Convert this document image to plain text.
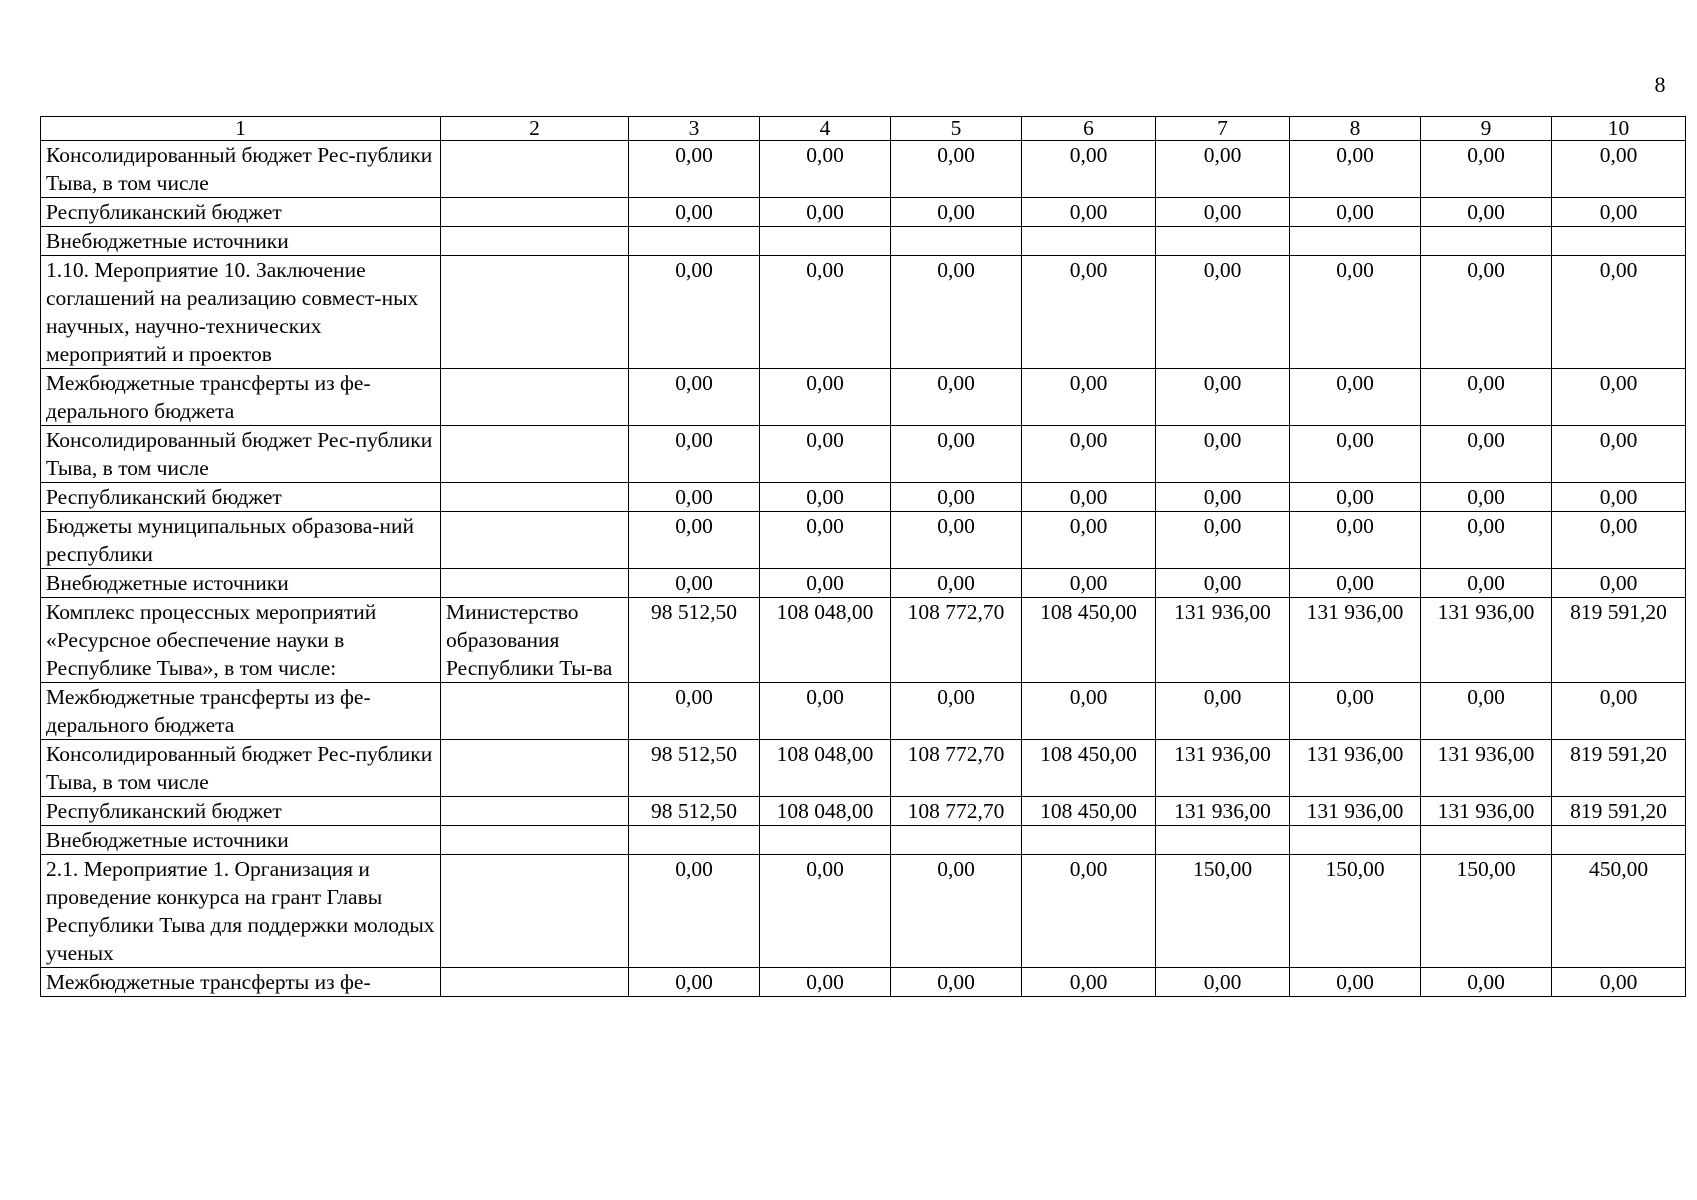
8
1	2	3	4	5	6	7	8	9	10
Консолидированный бюджет Рес-публики Тыва, в том числе		0,00	0,00	0,00	0,00	0,00	0,00	0,00	0,00
Республиканский бюджет		0,00	0,00	0,00	0,00	0,00	0,00	0,00	0,00
Внебюджетные источники									
1.10. Мероприятие 10. Заключение соглашений на реализацию совмест-ных научных, научно-технических мероприятий и проектов		0,00	0,00	0,00	0,00	0,00	0,00	0,00	0,00
Межбюджетные трансферты из фе-дерального бюджета		0,00	0,00	0,00	0,00	0,00	0,00	0,00	0,00
Консолидированный бюджет Рес-публики Тыва, в том числе		0,00	0,00	0,00	0,00	0,00	0,00	0,00	0,00
Республиканский бюджет		0,00	0,00	0,00	0,00	0,00	0,00	0,00	0,00
Бюджеты муниципальных образова-ний республики		0,00	0,00	0,00	0,00	0,00	0,00	0,00	0,00
Внебюджетные источники		0,00	0,00	0,00	0,00	0,00	0,00	0,00	0,00
Комплекс процессных мероприятий «Ресурсное обеспечение науки в Республике Тыва», в том числе:	Министерство образования Республики Ты-ва	98 512,50	108 048,00	108 772,70	108 450,00	131 936,00	131 936,00	131 936,00	819 591,20
Межбюджетные трансферты из фе-дерального бюджета		0,00	0,00	0,00	0,00	0,00	0,00	0,00	0,00
Консолидированный бюджет Рес-публики Тыва, в том числе		98 512,50	108 048,00	108 772,70	108 450,00	131 936,00	131 936,00	131 936,00	819 591,20
Республиканский бюджет		98 512,50	108 048,00	108 772,70	108 450,00	131 936,00	131 936,00	131 936,00	819 591,20
Внебюджетные источники									
2.1. Мероприятие 1. Организация и проведение конкурса на грант Главы Республики Тыва для поддержки молодых ученых		0,00	0,00	0,00	0,00	150,00	150,00	150,00	450,00
Межбюджетные трансферты из фе-		0,00	0,00	0,00	0,00	0,00	0,00	0,00	0,00
